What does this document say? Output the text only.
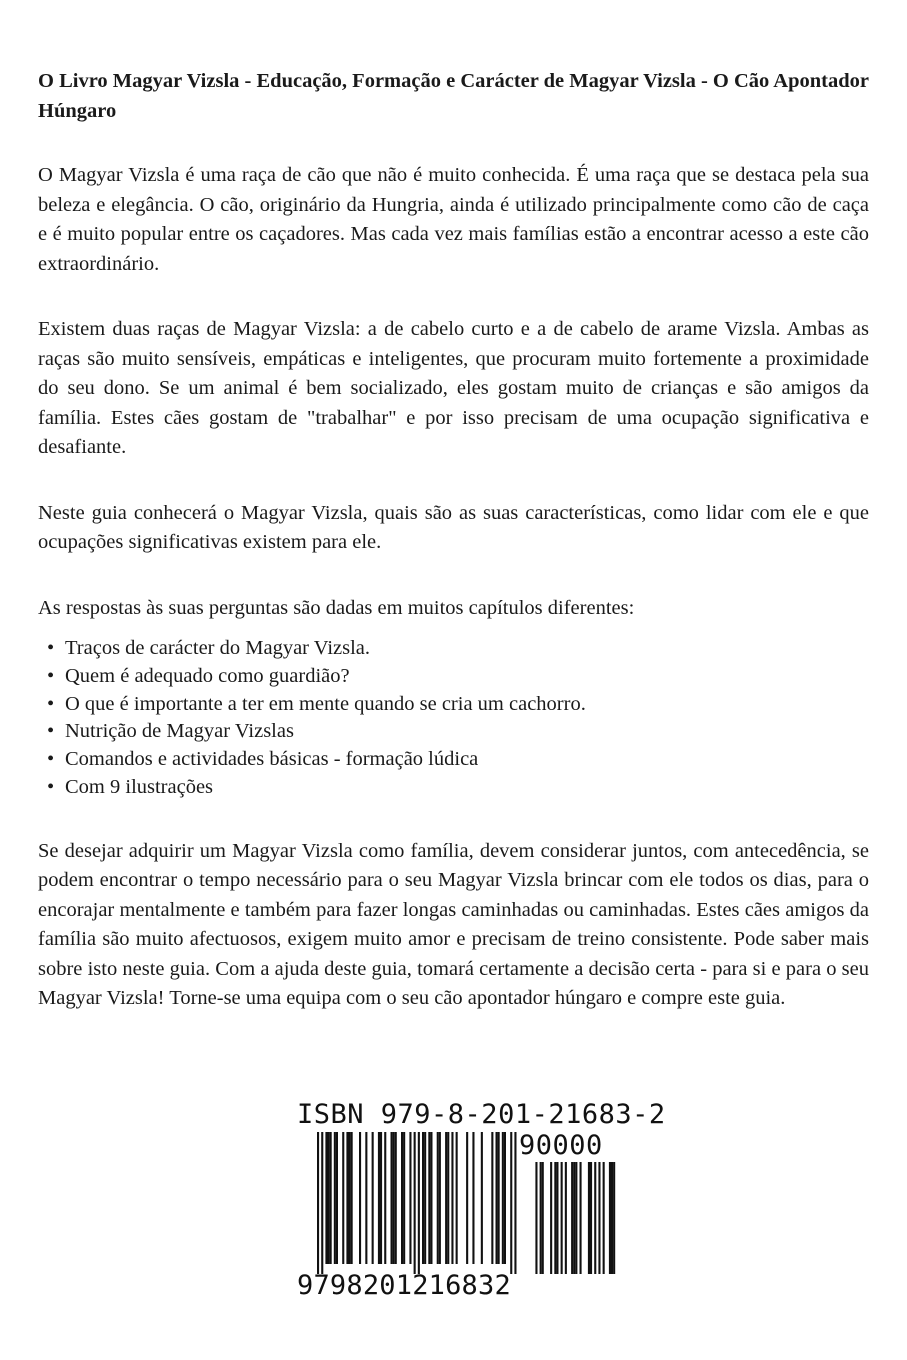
O Livro Magyar Vizsla - Educação, Formação e Carácter de Magyar Vizsla - O Cão Apontador Húngaro

O Magyar Vizsla é uma raça de cão que não é muito conhecida. É uma raça que se destaca pela sua beleza e elegância. O cão, originário da Hungria, ainda é utilizado principalmente como cão de caça e é muito popular entre os caçadores. Mas cada vez mais famílias estão a encontrar acesso a este cão extraordinário.

Existem duas raças de Magyar Vizsla: a de cabelo curto e a de cabelo de arame Vizsla. Ambas as raças são muito sensíveis, empáticas e inteligentes, que procuram muito fortemente a proximidade do seu dono. Se um animal é bem socializado, eles gostam muito de crianças e são amigos da família. Estes cães gostam de "trabalhar" e por isso precisam de uma ocupação significativa e desafiante.

Neste guia conhecerá o Magyar Vizsla, quais são as suas características, como lidar com ele e que ocupações significativas existem para ele.

As respostas às suas perguntas são dadas em muitos capítulos diferentes:

• Traços de carácter do Magyar Vizsla.
• Quem é adequado como guardião?
• O que é importante a ter em mente quando se cria um cachorro.
• Nutrição de Magyar Vizslas
• Comandos e actividades básicas - formação lúdica
• Com 9 ilustrações

Se desejar adquirir um Magyar Vizsla como família, devem considerar juntos, com antecedência, se podem encontrar o tempo necessário para o seu Magyar Vizsla brincar com ele todos os dias, para o encorajar mentalmente e também para fazer longas caminhadas ou caminhadas. Estes cães amigos da família são muito afectuosos, exigem muito amor e precisam de treino consistente. Pode saber mais sobre isto neste guia. Com a ajuda deste guia, tomará certamente a decisão certa - para si e para o seu Magyar Vizsla! Torne-se uma equipa com o seu cão apontador húngaro e compre este guia.

ISBN 979-8-201-21683-2
90000
9798201216832
